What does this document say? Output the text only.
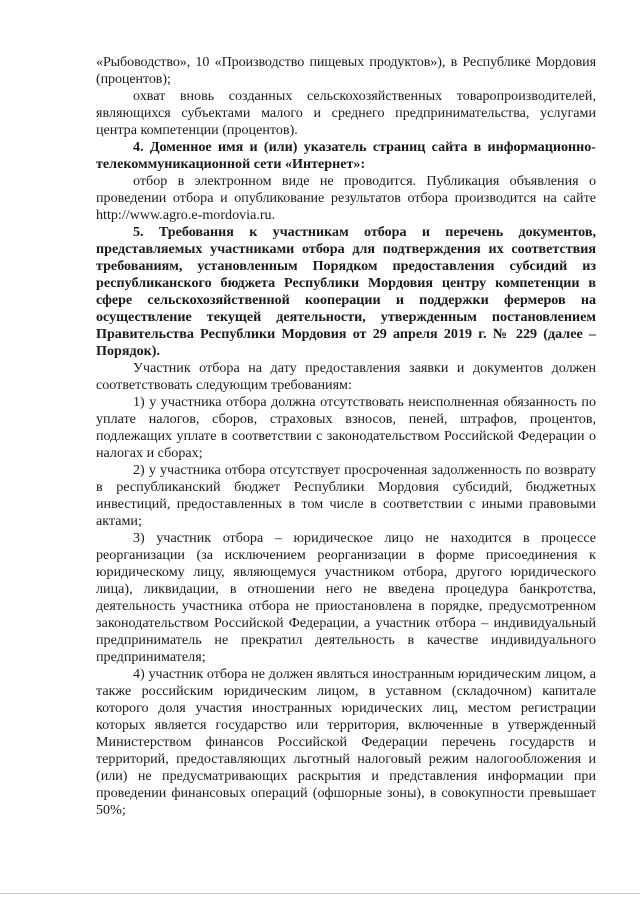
«Рыбоводство», 10 «Производство пищевых продуктов»), в Республике Мордовия (процентов);

охват вновь созданных сельскохозяйственных товаропроизводителей, являющихся субъектами малого и среднего предпринимательства, услугами центра компетенции (процентов).

4. Доменное имя и (или) указатель страниц сайта в информационно-телекоммуникационной сети «Интернет»:

отбор в электронном виде не проводится. Публикация объявления о проведении отбора и опубликование результатов отбора производится на сайте http://www.agro.e-mordovia.ru.

5. Требования к участникам отбора и перечень документов, представляемых участниками отбора для подтверждения их соответствия требованиям, установленным Порядком предоставления субсидий из республиканского бюджета Республики Мордовия центру компетенции в сфере сельскохозяйственной кооперации и поддержки фермеров на осуществление текущей деятельности, утвержденным постановлением Правительства Республики Мордовия от 29 апреля 2019 г. № 229 (далее – Порядок).

Участник отбора на дату предоставления заявки и документов должен соответствовать следующим требованиям:

1) у участника отбора должна отсутствовать неисполненная обязанность по уплате налогов, сборов, страховых взносов, пеней, штрафов, процентов, подлежащих уплате в соответствии с законодательством Российской Федерации о налогах и сборах;

2) у участника отбора отсутствует просроченная задолженность по возврату в республиканский бюджет Республики Мордовия субсидий, бюджетных инвестиций, предоставленных в том числе в соответствии с иными правовыми актами;

3) участник отбора – юридическое лицо не находится в процессе реорганизации (за исключением реорганизации в форме присоединения к юридическому лицу, являющемуся участником отбора, другого юридического лица), ликвидации, в отношении него не введена процедура банкротства, деятельность участника отбора не приостановлена в порядке, предусмотренном законодательством Российской Федерации, а участник отбора – индивидуальный предприниматель не прекратил деятельность в качестве индивидуального предпринимателя;

4) участник отбора не должен являться иностранным юридическим лицом, а также российским юридическим лицом, в уставном (складочном) капитале которого доля участия иностранных юридических лиц, местом регистрации которых является государство или территория, включенные в утвержденный Министерством финансов Российской Федерации перечень государств и территорий, предоставляющих льготный налоговый режим налогообложения и (или) не предусматривающих раскрытия и представления информации при проведении финансовых операций (офшорные зоны), в совокупности превышает 50%;
